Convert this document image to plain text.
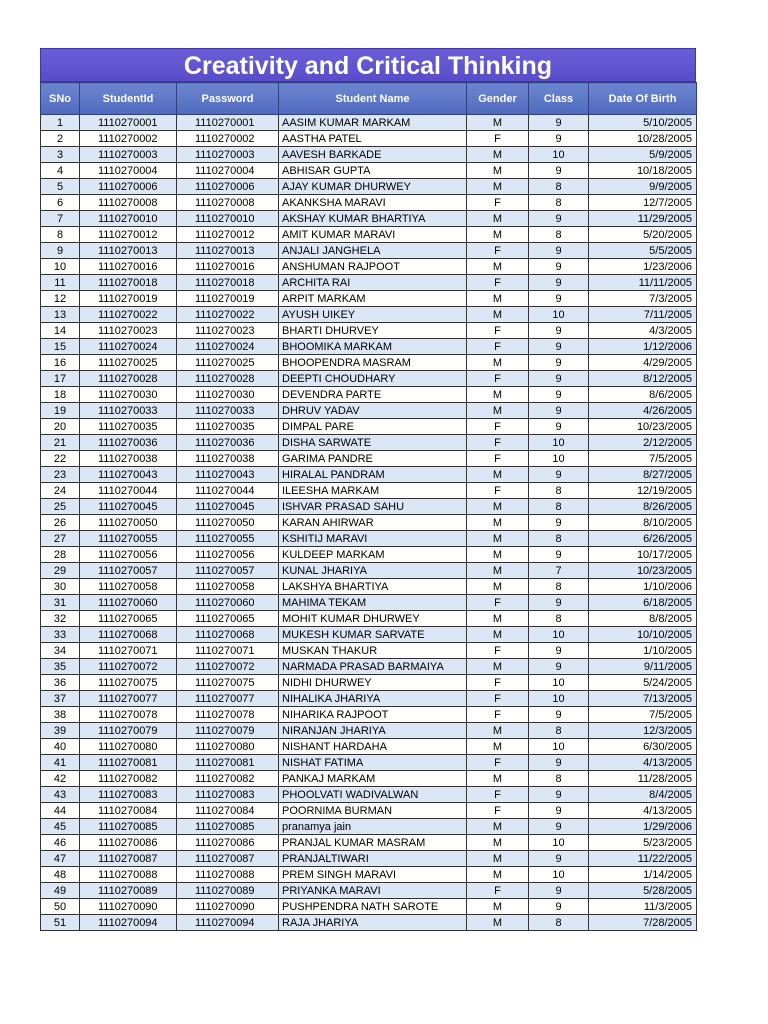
Creativity and Critical Thinking
SNo	StudentId	Password	Student Name	Gender	Class	Date Of Birth
1	1110270001	1110270001	AASIM KUMAR MARKAM	M	9	5/10/2005
2	1110270002	1110270002	AASTHA PATEL	F	9	10/28/2005
3	1110270003	1110270003	AAVESH BARKADE	M	10	5/9/2005
4	1110270004	1110270004	ABHISAR GUPTA	M	9	10/18/2005
5	1110270006	1110270006	AJAY KUMAR DHURWEY	M	8	9/9/2005
6	1110270008	1110270008	AKANKSHA MARAVI	F	8	12/7/2005
7	1110270010	1110270010	AKSHAY KUMAR BHARTIYA	M	9	11/29/2005
8	1110270012	1110270012	AMIT KUMAR MARAVI	M	8	5/20/2005
9	1110270013	1110270013	ANJALI JANGHELA	F	9	5/5/2005
10	1110270016	1110270016	ANSHUMAN RAJPOOT	M	9	1/23/2006
11	1110270018	1110270018	ARCHITA RAI	F	9	11/11/2005
12	1110270019	1110270019	ARPIT MARKAM	M	9	7/3/2005
13	1110270022	1110270022	AYUSH UIKEY	M	10	7/11/2005
14	1110270023	1110270023	BHARTI DHURVEY	F	9	4/3/2005
15	1110270024	1110270024	BHOOMIKA MARKAM	F	9	1/12/2006
16	1110270025	1110270025	BHOOPENDRA MASRAM	M	9	4/29/2005
17	1110270028	1110270028	DEEPTI CHOUDHARY	F	9	8/12/2005
18	1110270030	1110270030	DEVENDRA PARTE	M	9	8/6/2005
19	1110270033	1110270033	DHRUV YADAV	M	9	4/26/2005
20	1110270035	1110270035	DIMPAL PARE	F	9	10/23/2005
21	1110270036	1110270036	DISHA SARWATE	F	10	2/12/2005
22	1110270038	1110270038	GARIMA PANDRE	F	10	7/5/2005
23	1110270043	1110270043	HIRALAL PANDRAM	M	9	8/27/2005
24	1110270044	1110270044	ILEESHA MARKAM	F	8	12/19/2005
25	1110270045	1110270045	ISHVAR PRASAD SAHU	M	8	8/26/2005
26	1110270050	1110270050	KARAN AHIRWAR	M	9	8/10/2005
27	1110270055	1110270055	KSHITIJ MARAVI	M	8	6/26/2005
28	1110270056	1110270056	KULDEEP MARKAM	M	9	10/17/2005
29	1110270057	1110270057	KUNAL JHARIYA	M	7	10/23/2005
30	1110270058	1110270058	LAKSHYA BHARTIYA	M	8	1/10/2006
31	1110270060	1110270060	MAHIMA TEKAM	F	9	6/18/2005
32	1110270065	1110270065	MOHIT KUMAR DHURWEY	M	8	8/8/2005
33	1110270068	1110270068	MUKESH KUMAR SARVATE	M	10	10/10/2005
34	1110270071	1110270071	MUSKAN THAKUR	F	9	1/10/2005
35	1110270072	1110270072	NARMADA PRASAD BARMAIYA	M	9	9/11/2005
36	1110270075	1110270075	NIDHI DHURWEY	F	10	5/24/2005
37	1110270077	1110270077	NIHALIKA JHARIYA	F	10	7/13/2005
38	1110270078	1110270078	NIHARIKA RAJPOOT	F	9	7/5/2005
39	1110270079	1110270079	NIRANJAN JHARIYA	M	8	12/3/2005
40	1110270080	1110270080	NISHANT HARDAHA	M	10	6/30/2005
41	1110270081	1110270081	NISHAT FATIMA	F	9	4/13/2005
42	1110270082	1110270082	PANKAJ MARKAM	M	8	11/28/2005
43	1110270083	1110270083	PHOOLVATI WADIVALWAN	F	9	8/4/2005
44	1110270084	1110270084	POORNIMA BURMAN	F	9	4/13/2005
45	1110270085	1110270085	pranamya jain	M	9	1/29/2006
46	1110270086	1110270086	PRANJAL KUMAR MASRAM	M	10	5/23/2005
47	1110270087	1110270087	PRANJALTIWARI	M	9	11/22/2005
48	1110270088	1110270088	PREM SINGH MARAVI	M	10	1/14/2005
49	1110270089	1110270089	PRIYANKA MARAVI	F	9	5/28/2005
50	1110270090	1110270090	PUSHPENDRA NATH SAROTE	M	9	11/3/2005
51	1110270094	1110270094	RAJA JHARIYA	M	8	7/28/2005
